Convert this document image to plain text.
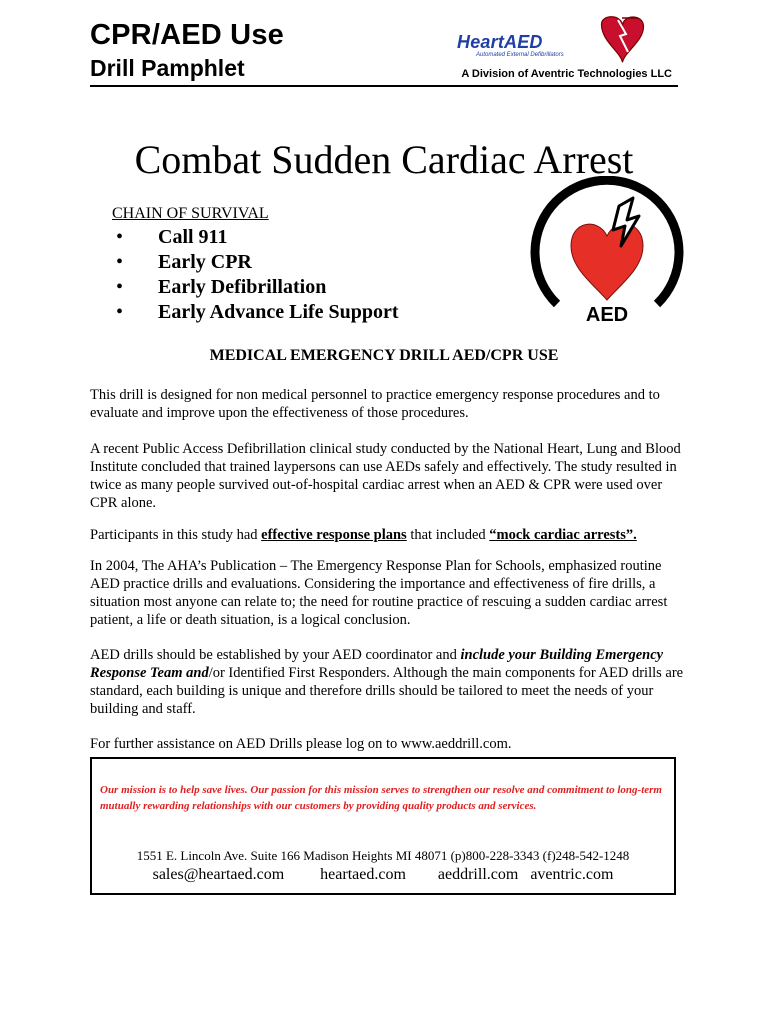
CPR/AED Use
Drill Pamphlet
HeartAED
Automated External Defibrillators
A Division of Aventric Technologies LLC
Combat Sudden Cardiac Arrest
CHAIN OF SURVIVAL
• Call 911
• Early CPR
• Early Defibrillation
• Early Advance Life Support	AED
MEDICAL EMERGENCY DRILL AED/CPR USE

This drill is designed for non medical personnel to practice emergency response procedures and to evaluate and improve upon the effectiveness of those procedures.

A recent Public Access Defibrillation clinical study conducted by the National Heart, Lung and Blood Institute concluded that trained laypersons can use AEDs safely and effectively. The study resulted in twice as many people survived out-of-hospital cardiac arrest when an AED & CPR were used over CPR alone.

Participants in this study had effective response plans that included “mock cardiac arrests”.

In 2004, The AHA’s Publication – The Emergency Response Plan for Schools, emphasized routine AED practice drills and evaluations. Considering the importance and effectiveness of fire drills, a situation most anyone can relate to; the need for routine practice of rescuing a sudden cardiac arrest patient, a life or death situation, is a logical conclusion.

AED drills should be established by your AED coordinator and include your Building Emergency Response Team and/or Identified First Responders. Although the main components for AED drills are standard, each building is unique and therefore drills should be tailored to meet the needs of your building and staff.

For further assistance on AED Drills please log on to www.aeddrill.com.

Our mission is to help save lives. Our passion for this mission serves to strengthen our resolve and commitment to long-term mutually rewarding relationships with our customers by providing quality products and services.

1551 E. Lincoln Ave. Suite 166 Madison Heights MI 48071 (p)800-228-3343 (f)248-542-1248
sales@heartaed.com heartaed.com aeddrill.com aventric.com
